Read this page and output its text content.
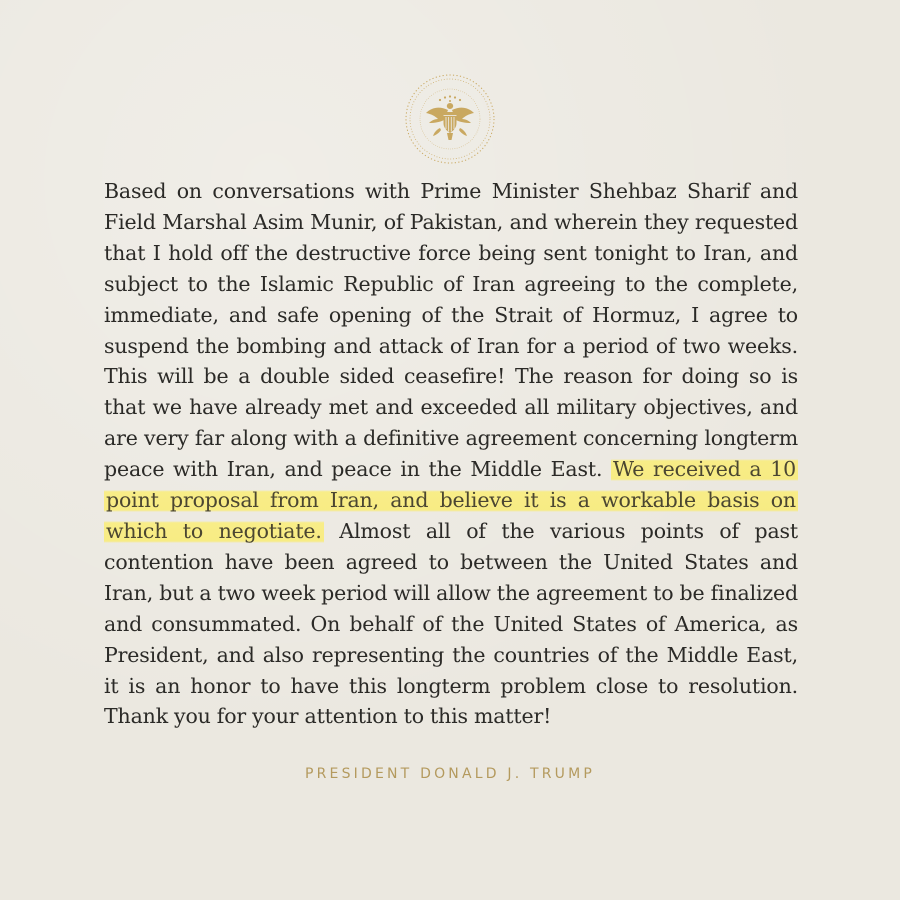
Based on conversations with Prime Minister Shehbaz Sharif and Field Marshal Asim Munir, of Pakistan, and wherein they requested that I hold off the destructive force being sent tonight to Iran, and subject to the Islamic Republic of Iran agreeing to the complete, immediate, and safe opening of the Strait of Hormuz, I agree to suspend the bombing and attack of Iran for a period of two weeks. This will be a double sided ceasefire! The reason for doing so is that we have already met and exceeded all military objectives, and are very far along with a definitive agreement concerning longterm peace with Iran, and peace in the Middle East. We received a 10 point proposal from Iran, and believe it is a workable basis on which to negotiate. Almost all of the various points of past contention have been agreed to between the United States and Iran, but a two week period will allow the agreement to be finalized and consummated. On behalf of the United States of America, as President, and also representing the countries of the Middle East, it is an honor to have this longterm problem close to resolution. Thank you for your attention to this matter!

PRESIDENT DONALD J. TRUMP
